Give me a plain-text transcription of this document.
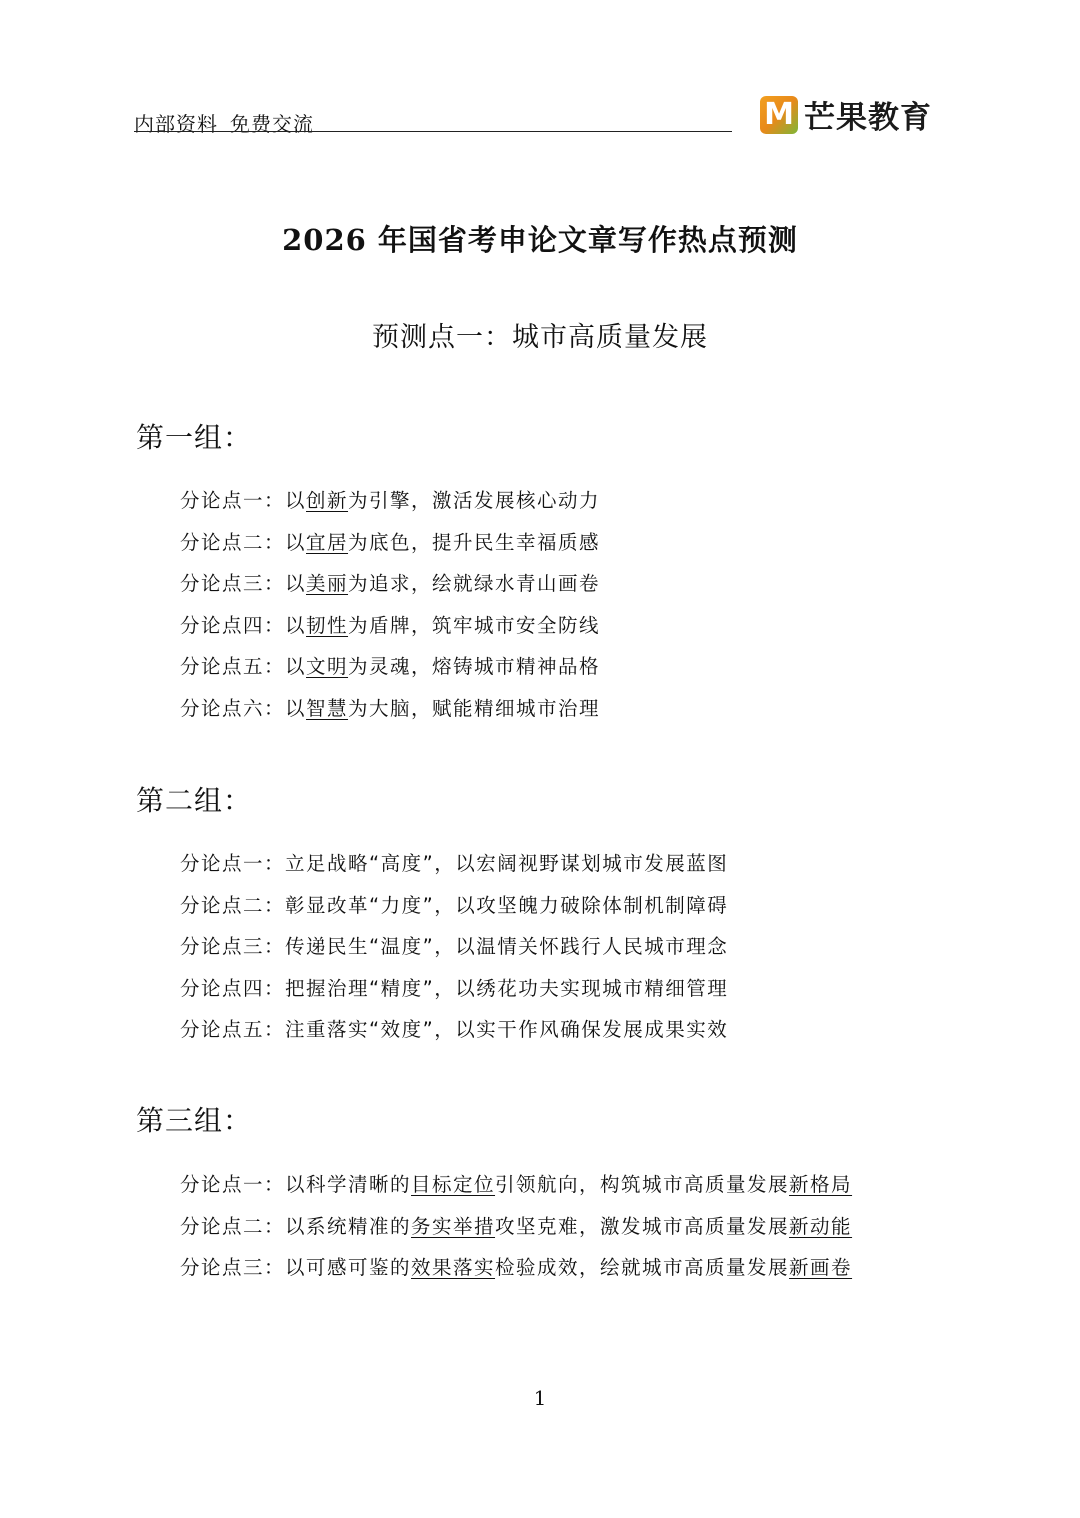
内部资料 免费交流	M 芒果教育
2026 年国省考申论文章写作热点预测
预测点一：城市高质量发展
第一组：
分论点一：以创新为引擎，激活发展核心动力
分论点二：以宜居为底色，提升民生幸福质感
分论点三：以美丽为追求，绘就绿水青山画卷
分论点四：以韧性为盾牌，筑牢城市安全防线
分论点五：以文明为灵魂，熔铸城市精神品格
分论点六：以智慧为大脑，赋能精细城市治理
第二组：
分论点一：立足战略“高度”，以宏阔视野谋划城市发展蓝图
分论点二：彰显改革“力度”，以攻坚魄力破除体制机制障碍
分论点三：传递民生“温度”，以温情关怀践行人民城市理念
分论点四：把握治理“精度”，以绣花功夫实现城市精细管理
分论点五：注重落实“效度”，以实干作风确保发展成果实效
第三组：
分论点一：以科学清晰的目标定位引领航向，构筑城市高质量发展新格局
分论点二：以系统精准的务实举措攻坚克难，激发城市高质量发展新动能
分论点三：以可感可鉴的效果落实检验成效，绘就城市高质量发展新画卷
1
